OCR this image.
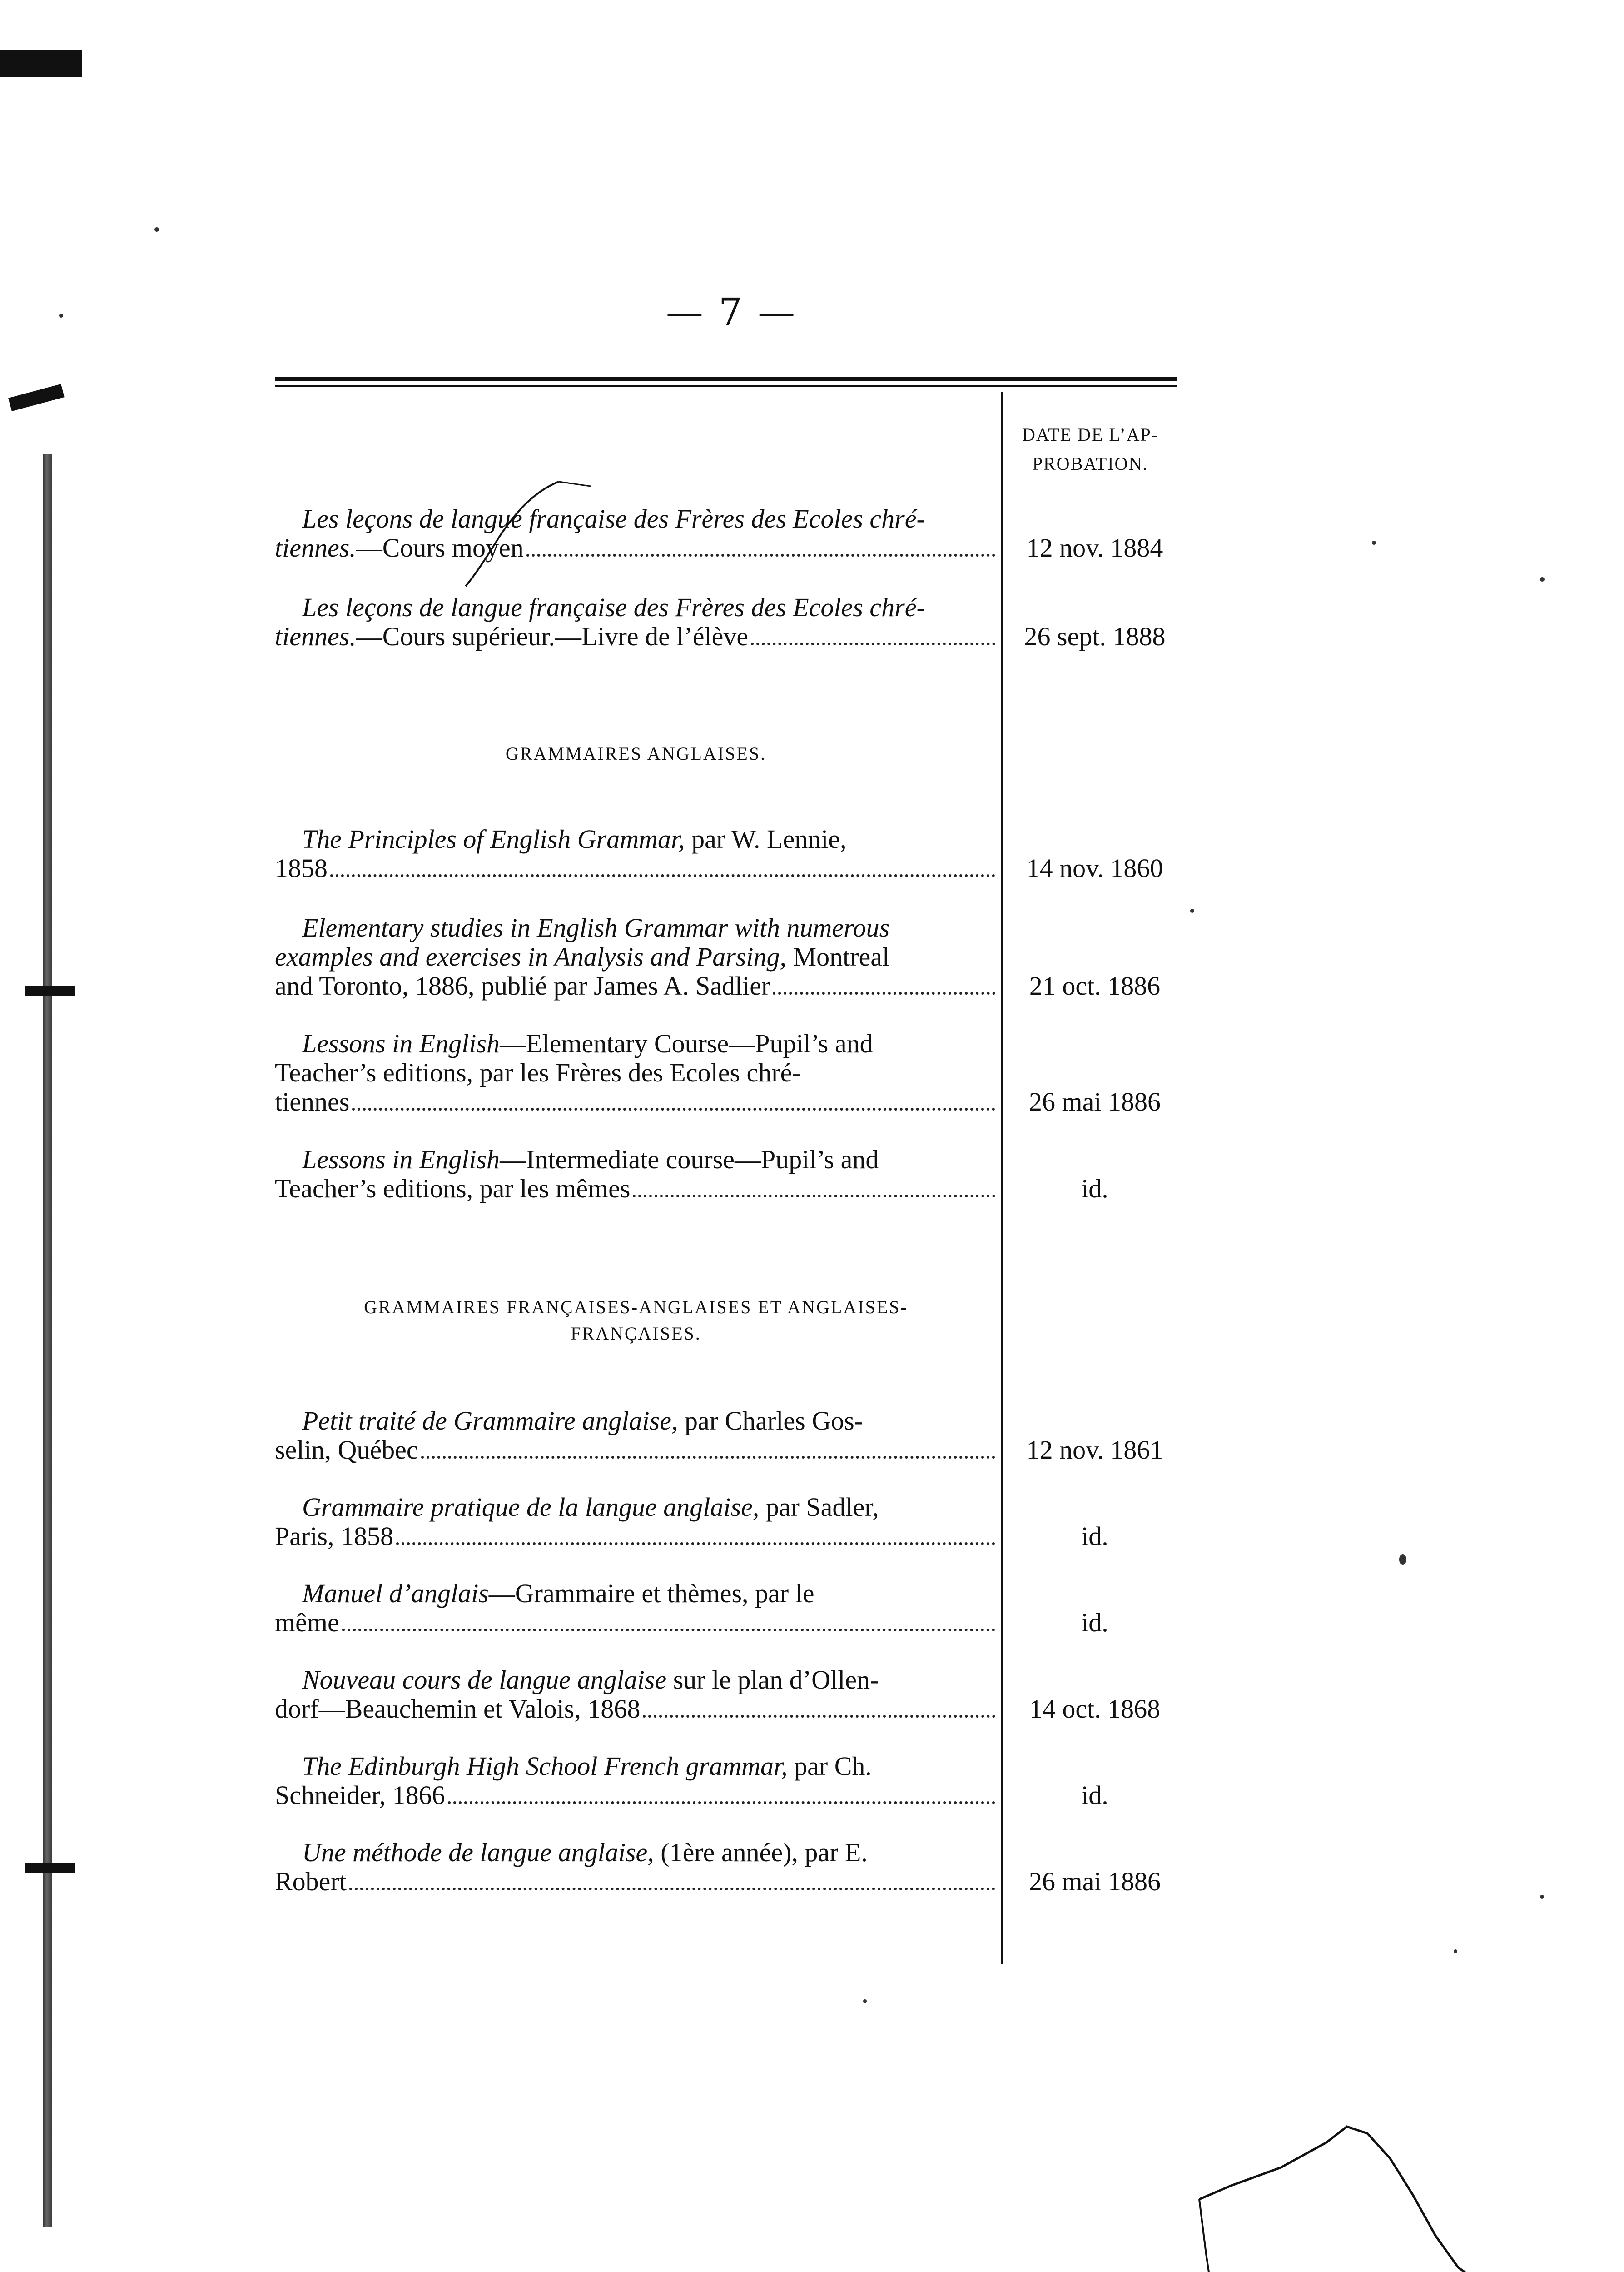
— 7 —
DATE DE L’AP-
PROBATION.
Les leçons de langue française des Frères des Ecoles chré-
tiennes.—Cours moyen	12 nov. 1884
Les leçons de langue française des Frères des Ecoles chré-
tiennes.—Cours supérieur.—Livre de l’élève	26 sept. 1888
GRAMMAIRES ANGLAISES.
The Principles of English Grammar, par W. Lennie,
1858	14 nov. 1860
Elementary studies in English Grammar with numerous
examples and exercises in Analysis and Parsing, Montreal
and Toronto, 1886, publié par James A. Sadlier	21 oct. 1886
Lessons in English—Elementary Course—Pupil’s and
Teacher’s editions, par les Frères des Ecoles chré-
tiennes	26 mai 1886
Lessons in English—Intermediate course—Pupil’s and
Teacher’s editions, par les mêmes	id.
GRAMMAIRES FRANÇAISES-ANGLAISES ET ANGLAISES-
FRANÇAISES.
Petit traité de Grammaire anglaise, par Charles Gos-
selin, Québec	12 nov. 1861
Grammaire pratique de la langue anglaise, par Sadler,
Paris, 1858	id.
Manuel d’anglais—Grammaire et thèmes, par le
même	id.
Nouveau cours de langue anglaise sur le plan d’Ollen-
dorf—Beauchemin et Valois, 1868	14 oct. 1868
The Edinburgh High School French grammar, par Ch.
Schneider, 1866	id.
Une méthode de langue anglaise, (1ère année), par E.
Robert	26 mai 1886
